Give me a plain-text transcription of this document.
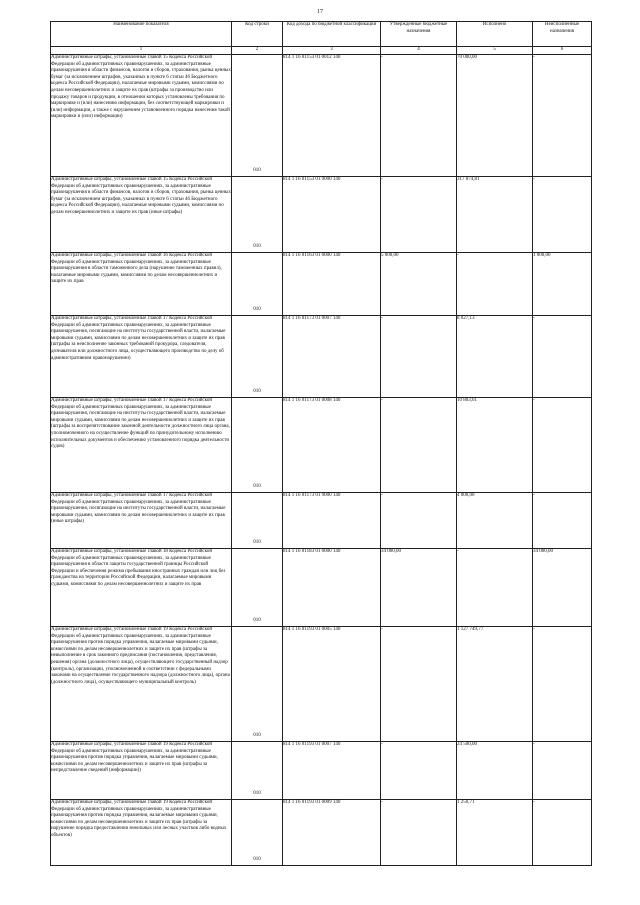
17
Наименование показателя	Код строки	Код дохода по бюджетной классификации	Утвержденные бюджетные назначения	Исполнено	Неисполненные назначения
1	2	3	4	5	6
Административные штрафы, установленные главой 15 Кодекса Российской Федерации об административных правонарушениях, за административные правонарушения в области финансов, налогов и сборов, страхования, рынка ценных бумаг (за исключением штрафов, указанных в пункте 6 статьи 46 Бюджетного кодекса Российской Федерации), налагаемые мировыми судьями, комиссиями по делам несовершеннолетних и защите их прав (штрафы за производство или продажу товаров и продукции, в отношении которых установлены требования по маркировке и (или) нанесению информации, без соответствующей маркировки и (или) информации, а также с нарушением установленного порядка нанесения такой маркировки и (или) информации)	010	814 1 16 01153 01 0012 140	-	70 000,00	-
Административные штрафы, установленные главой 15 Кодекса Российской Федерации об административных правонарушениях, за административные правонарушения в области финансов, налогов и сборов, страхования, рынка ценных бумаг (за исключением штрафов, указанных в пункте 6 статьи 46 Бюджетного кодекса Российской Федерации), налагаемые мировыми судьями, комиссиями по делам несовершеннолетних и защите их прав (иные штрафы)	010	814 1 16 01153 01 9000 140	-	317 874,81	-
Административные штрафы, установленные главой 16 Кодекса Российской Федерации об административных правонарушениях, за административные правонарушения в области таможенного дела (нарушение таможенных правил), налагаемые мировыми судьями, комиссиями по делам несовершеннолетних и защите их прав	010	814 1 16 01163 01 0000 140	5 000,00	-	1 000,00
Административные штрафы, установленные главой 17 Кодекса Российской Федерации об административных правонарушениях, за административные правонарушения, посягающие на институты государственной власти, налагаемые мировыми судьями, комиссиями по делам несовершеннолетних и защите их прав (штрафы за неисполнение законных требований прокурора, следователя, дознавателя или должностного лица, осуществляющего производство по делу об административном правонарушении)	010	814 1 16 01173 01 0007 140	-	8 027,13	-
Административные штрафы, установленные главой 17 Кодекса Российской Федерации об административных правонарушениях, за административные правонарушения, посягающие на институты государственной власти, налагаемые мировыми судьями, комиссиями по делам несовершеннолетних и защите их прав (штрафы за воспрепятствование законной деятельности должностного лица органа, уполномоченного на осуществление функций по принудительному исполнению исполнительных документов и обеспечению установленного порядка деятельности судов)	010	814 1 16 01173 01 0008 140	-	10 803,61	-
Административные штрафы, установленные главой 17 Кодекса Российской Федерации об административных правонарушениях, за административные правонарушения, посягающие на институты государственной власти, налагаемые мировыми судьями, комиссиями по делам несовершеннолетних и защите их прав (иные штрафы)	010	814 1 16 01173 01 9000 140	-	4 000,00	-
Административные штрафы, установленные главой 18 Кодекса Российской Федерации об административных правонарушениях, за административные правонарушения в области защиты государственной границы Российской Федерации и обеспечения режима пребывания иностранных граждан или лиц без гражданства на территории Российской Федерации, налагаемые мировыми судьями, комиссиями по делам несовершеннолетних и защите их прав	010	814 1 16 01183 01 0000 140	34 000,00	-	34 000,00
Административные штрафы, установленные главой 19 Кодекса Российской Федерации об административных правонарушениях, за административные правонарушения против порядка управления, налагаемые мировыми судьями, комиссиями по делам несовершеннолетних и защите их прав (штрафы за невыполнение в срок законного предписания (постановления, представления, решения) органа (должностного лица), осуществляющего государственный надзор (контроль), организации, уполномоченной в соответствии с федеральными законами на осуществление государственного надзора (должностного лица), органа (должностного лица), осуществляющего муниципальный контроль)	010	814 1 16 01193 01 0005 140	-	1 127 749,77	-
Административные штрафы, установленные главой 19 Кодекса Российской Федерации об административных правонарушениях, за административные правонарушения против порядка управления, налагаемые мировыми судьями, комиссиями по делам несовершеннолетних и защите их прав (штрафы за непредставление сведений (информации))	010	814 1 16 01193 01 0007 140	-	24 500,00	-
Административные штрафы, установленные главой 19 Кодекса Российской Федерации об административных правонарушениях, за административные правонарушения против порядка управления, налагаемые мировыми судьями, комиссиями по делам несовершеннолетних и защите их прав (штрафы за нарушение порядка предоставления земельных или лесных участков либо водных объектов)	010	814 1 16 01193 01 0009 140	-	1 250,71	-
